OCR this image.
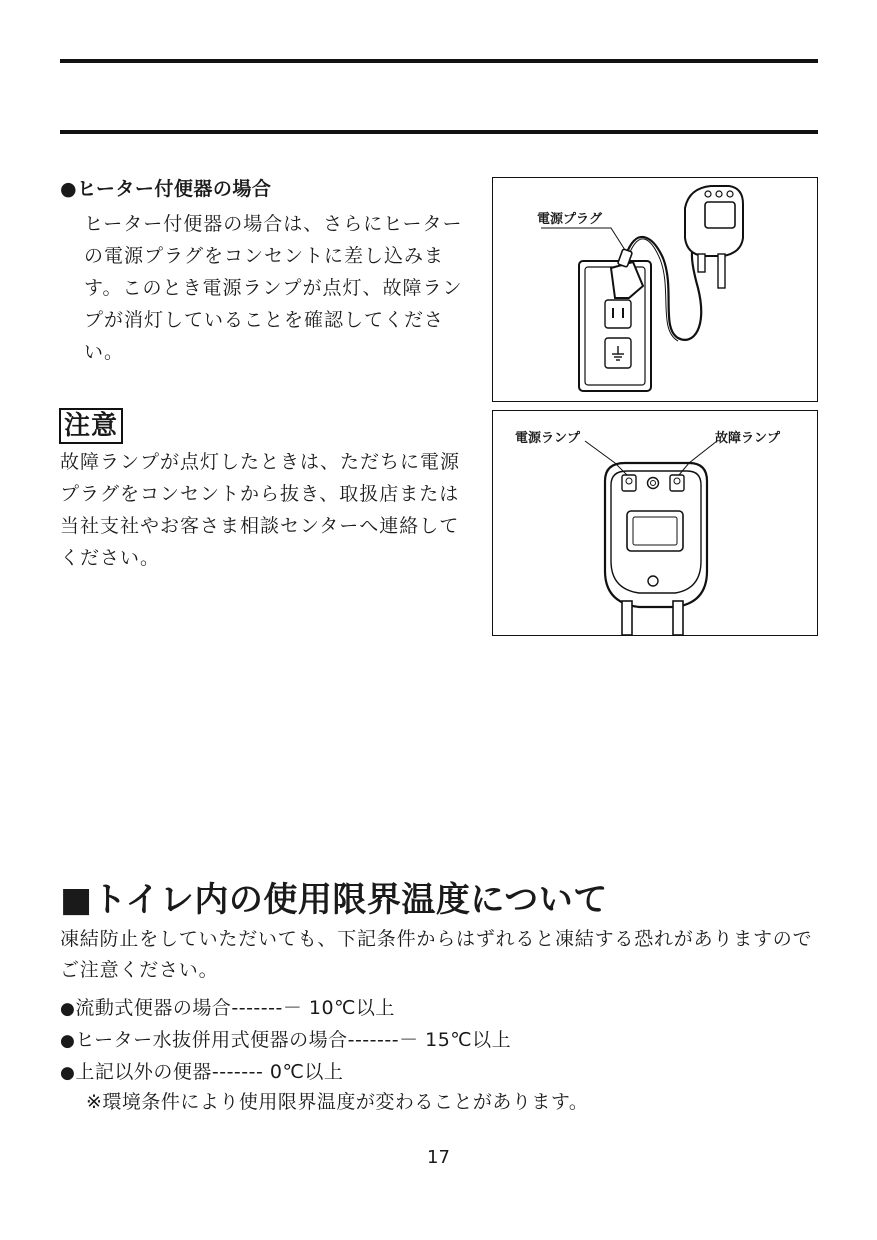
●ヒーター付便器の場合
ヒーター付便器の場合は、さらにヒーターの電源プラグをコンセントに差し込みます。このとき電源ランプが点灯、故障ランプが消灯していることを確認してください。
注意
故障ランプが点灯したときは、ただちに電源プラグをコンセントから抜き、取扱店または当社支社やお客さま相談センターへ連絡してください。
電源プラグ
電源ランプ	故障ランプ
■トイレ内の使用限界温度について
凍結防止をしていただいても、下記条件からはずれると凍結する恐れがありますのでご注意ください。
●流動式便器の場合-------－ 10℃以上
●ヒーター水抜併用式便器の場合-------－ 15℃以上
●上記以外の便器------- 0℃以上
※環境条件により使用限界温度が変わることがあります。
17
